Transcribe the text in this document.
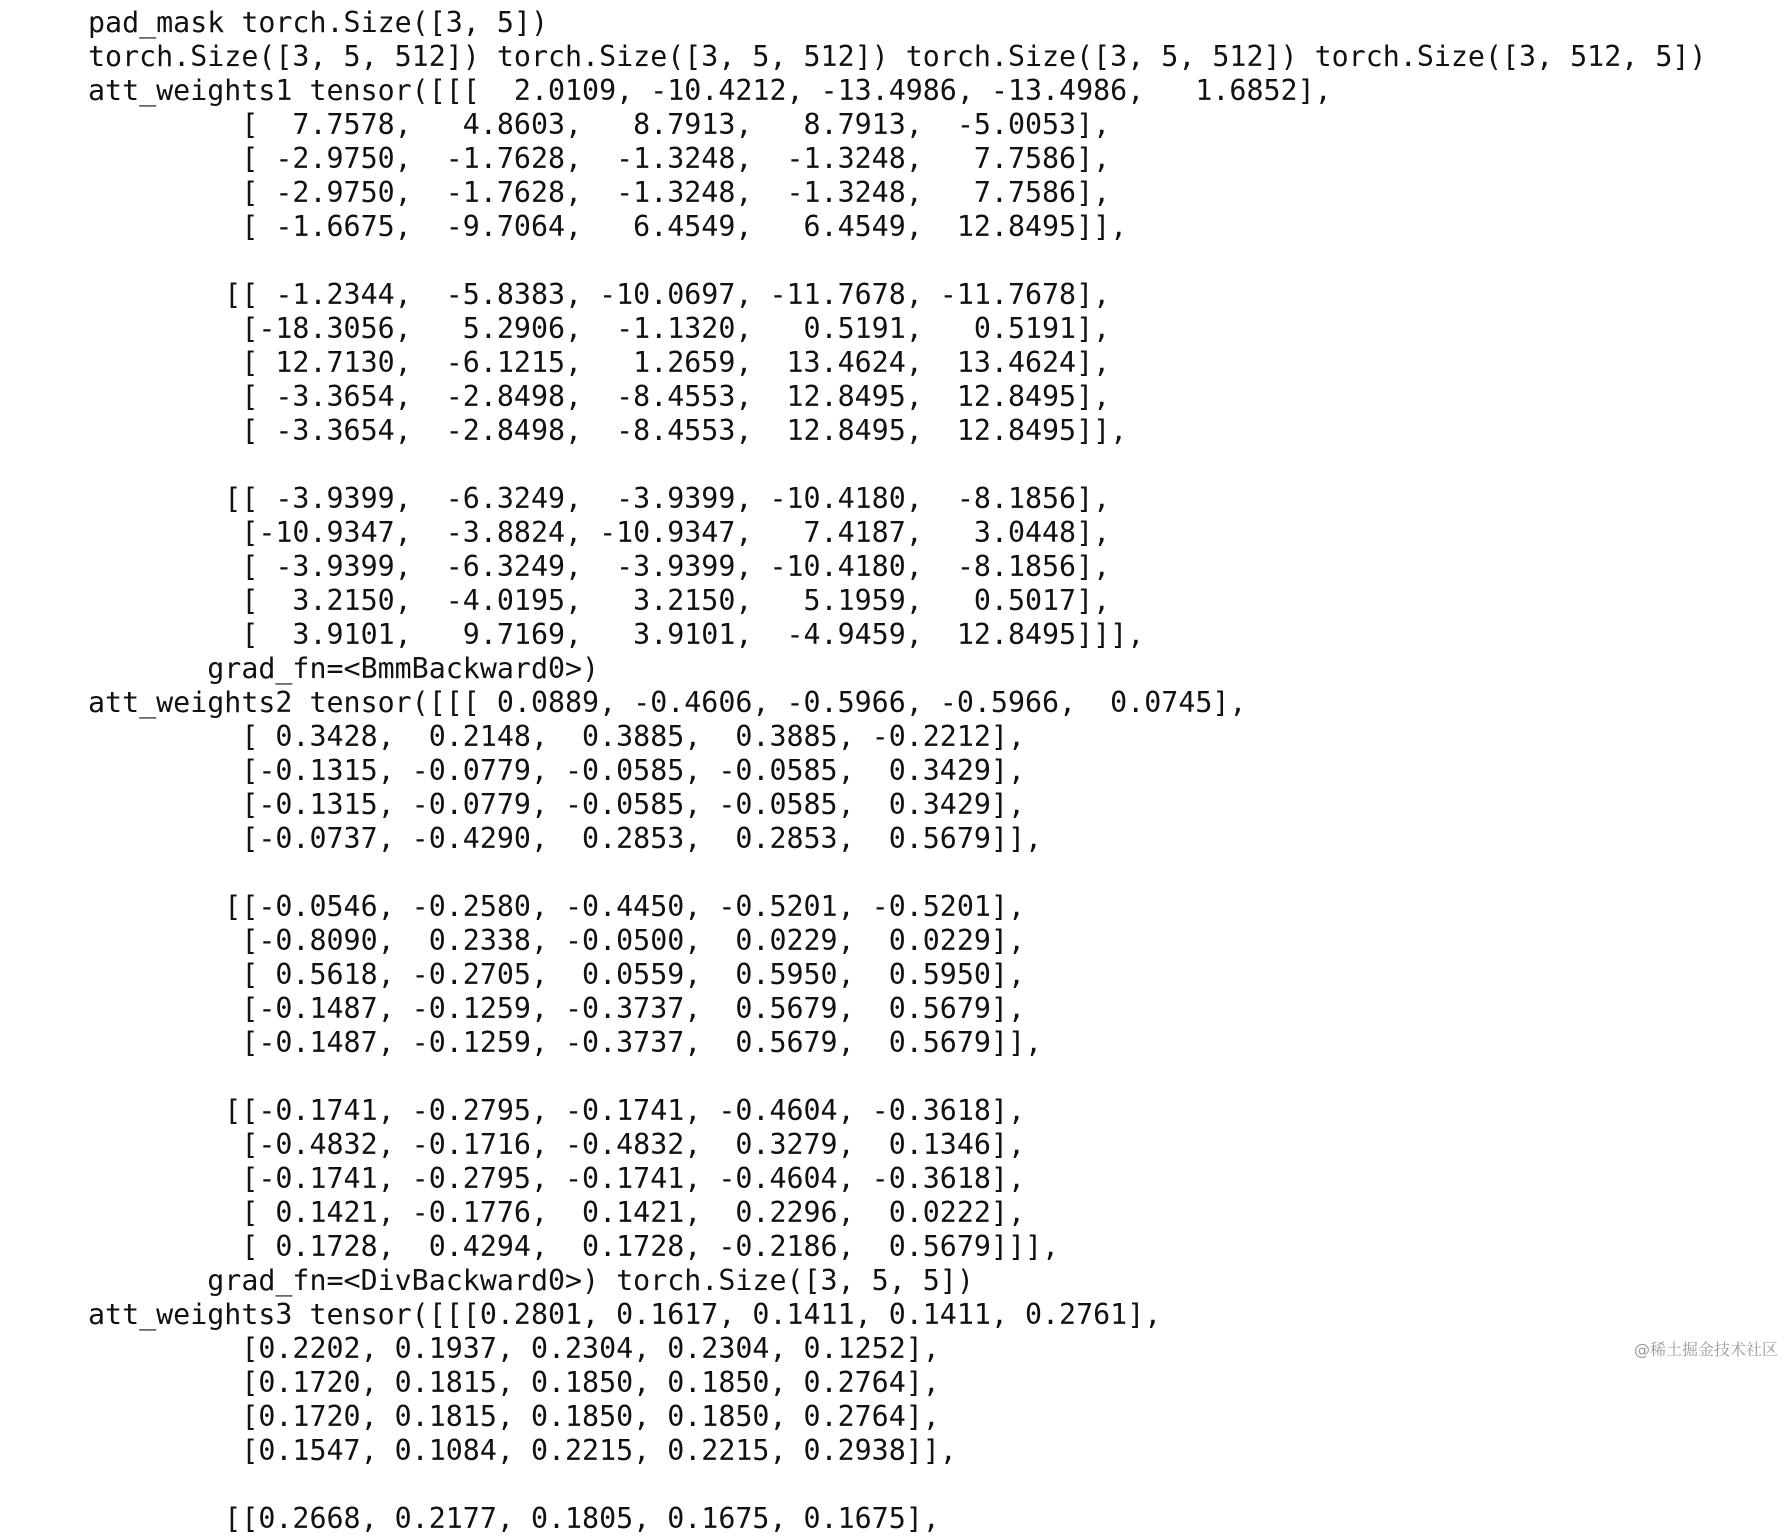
pad_mask torch.Size([3, 5])
torch.Size([3, 5, 512]) torch.Size([3, 5, 512]) torch.Size([3, 5, 512]) torch.Size([3, 512, 5])
att_weights1 tensor([[[  2.0109, -10.4212, -13.4986, -13.4986,   1.6852],
[  7.7578,   4.8603,   8.7913,   8.7913,  -5.0053],
[ -2.9750,  -1.7628,  -1.3248,  -1.3248,   7.7586],
[ -2.9750,  -1.7628,  -1.3248,  -1.3248,   7.7586],
[ -1.6675,  -9.7064,   6.4549,   6.4549,  12.8495]],
[[ -1.2344,  -5.8383, -10.0697, -11.7678, -11.7678],
[-18.3056,   5.2906,  -1.1320,   0.5191,   0.5191],
[ 12.7130,  -6.1215,   1.2659,  13.4624,  13.4624],
[ -3.3654,  -2.8498,  -8.4553,  12.8495,  12.8495],
[ -3.3654,  -2.8498,  -8.4553,  12.8495,  12.8495]],
[[ -3.9399,  -6.3249,  -3.9399, -10.4180,  -8.1856],
[-10.9347,  -3.8824, -10.9347,   7.4187,   3.0448],
[ -3.9399,  -6.3249,  -3.9399, -10.4180,  -8.1856],
[  3.2150,  -4.0195,   3.2150,   5.1959,   0.5017],
[  3.9101,   9.7169,   3.9101,  -4.9459,  12.8495]]],
grad_fn=<BmmBackward0>)
att_weights2 tensor([[[ 0.0889, -0.4606, -0.5966, -0.5966,  0.0745],
[ 0.3428,  0.2148,  0.3885,  0.3885, -0.2212],
[-0.1315, -0.0779, -0.0585, -0.0585,  0.3429],
[-0.1315, -0.0779, -0.0585, -0.0585,  0.3429],
[-0.0737, -0.4290,  0.2853,  0.2853,  0.5679]],
[[-0.0546, -0.2580, -0.4450, -0.5201, -0.5201],
[-0.8090,  0.2338, -0.0500,  0.0229,  0.0229],
[ 0.5618, -0.2705,  0.0559,  0.5950,  0.5950],
[-0.1487, -0.1259, -0.3737,  0.5679,  0.5679],
[-0.1487, -0.1259, -0.3737,  0.5679,  0.5679]],
[[-0.1741, -0.2795, -0.1741, -0.4604, -0.3618],
[-0.4832, -0.1716, -0.4832,  0.3279,  0.1346],
[-0.1741, -0.2795, -0.1741, -0.4604, -0.3618],
[ 0.1421, -0.1776,  0.1421,  0.2296,  0.0222],
[ 0.1728,  0.4294,  0.1728, -0.2186,  0.5679]]],
grad_fn=<DivBackward0>) torch.Size([3, 5, 5])
att_weights3 tensor([[[0.2801, 0.1617, 0.1411, 0.1411, 0.2761],
[0.2202, 0.1937, 0.2304, 0.2304, 0.1252],
[0.1720, 0.1815, 0.1850, 0.1850, 0.2764],
[0.1720, 0.1815, 0.1850, 0.1850, 0.2764],
[0.1547, 0.1084, 0.2215, 0.2215, 0.2938]],
[[0.2668, 0.2177, 0.1805, 0.1675, 0.1675],
@稀土掘金技术社区
